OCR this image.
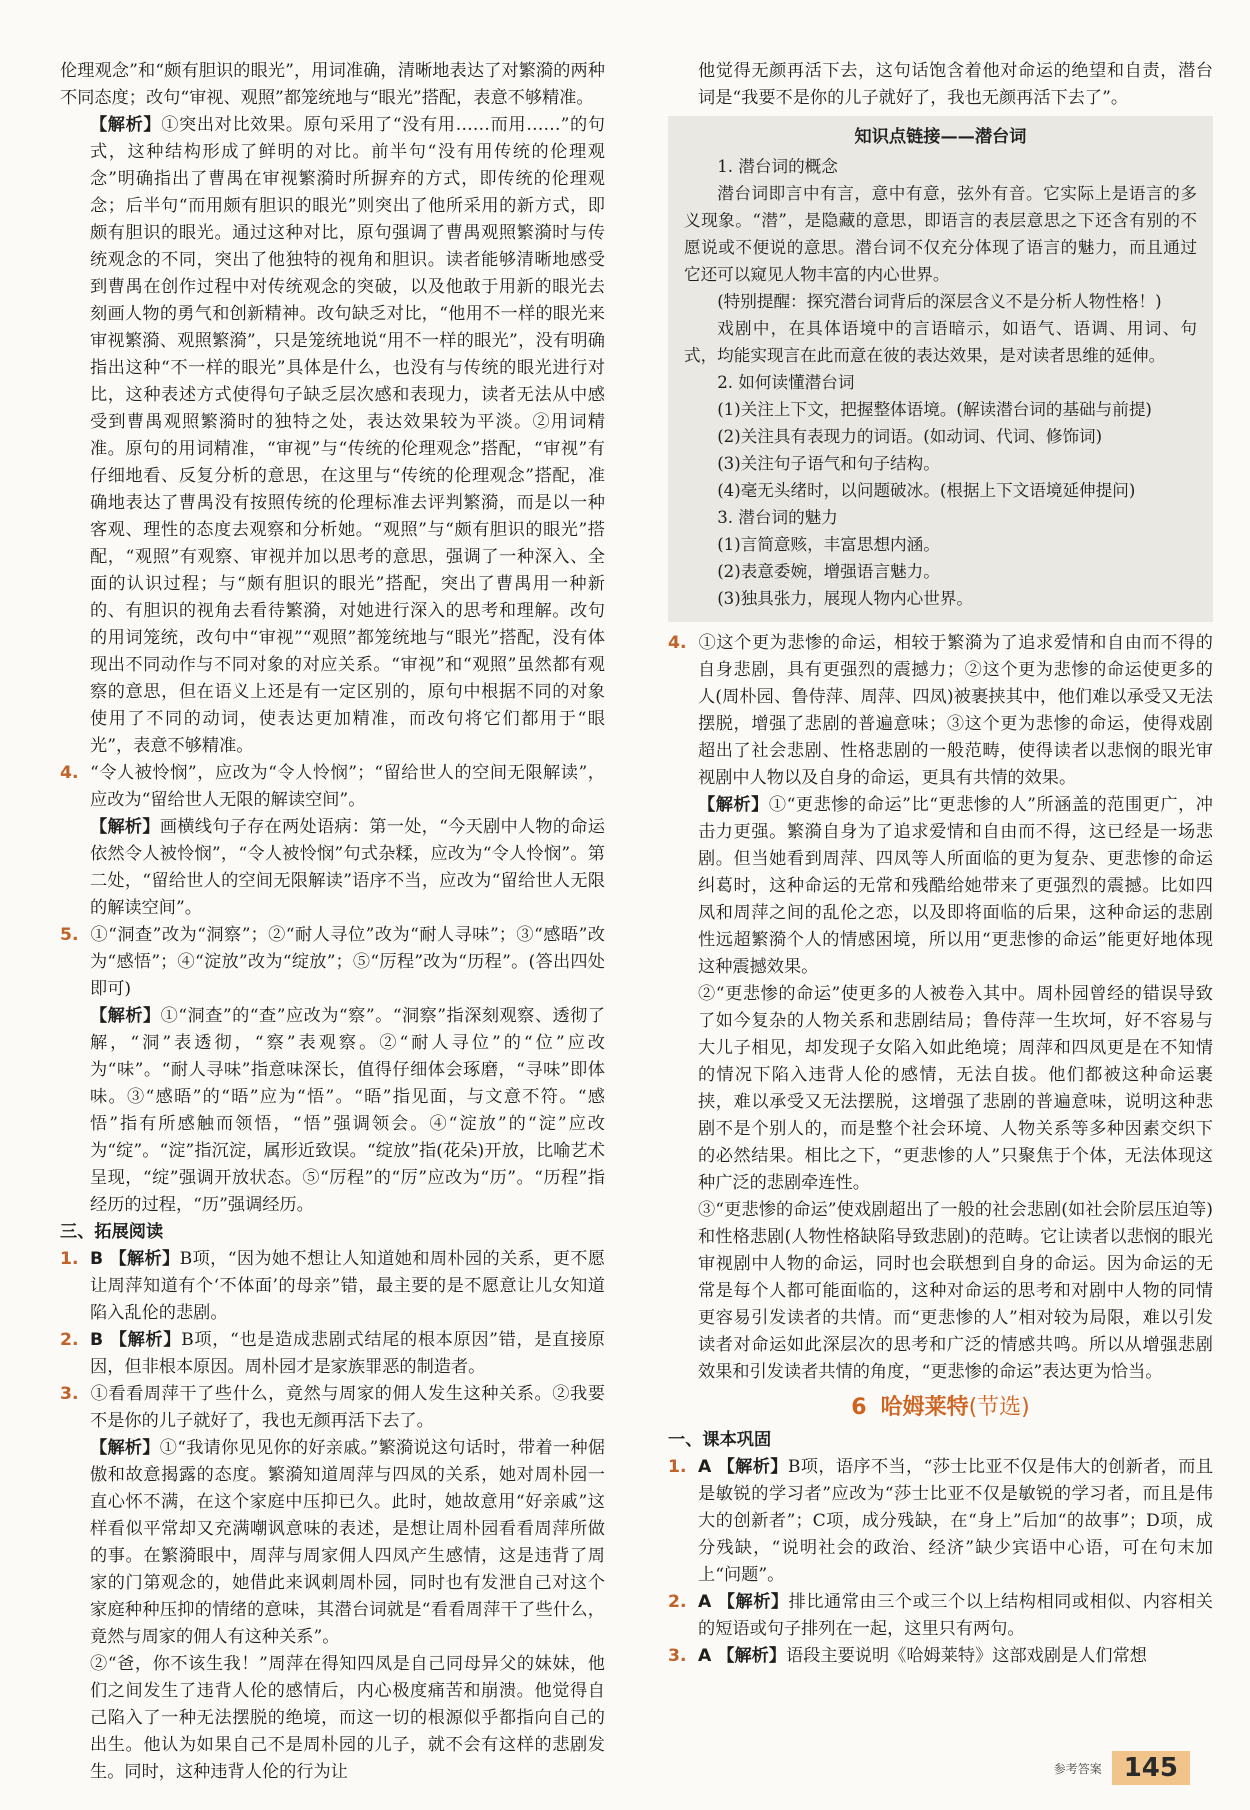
伦理观念”和“颇有胆识的眼光”，用词准确，清晰地表达了对繁漪的两种不同态度；改句“审视、观照”都笼统地与“眼光”搭配，表意不够精准。

【解析】①突出对比效果。原句采用了“没有用……而用……”的句式，这种结构形成了鲜明的对比。前半句“没有用传统的伦理观念”明确指出了曹禺在审视繁漪时所摒弃的方式，即传统的伦理观念；后半句“而用颇有胆识的眼光”则突出了他所采用的新方式，即颇有胆识的眼光。通过这种对比，原句强调了曹禺观照繁漪时与传统观念的不同，突出了他独特的视角和胆识。读者能够清晰地感受到曹禺在创作过程中对传统观念的突破，以及他敢于用新的眼光去刻画人物的勇气和创新精神。改句缺乏对比，“他用不一样的眼光来审视繁漪、观照繁漪”，只是笼统地说“用不一样的眼光”，没有明确指出这种“不一样的眼光”具体是什么，也没有与传统的眼光进行对比，这种表述方式使得句子缺乏层次感和表现力，读者无法从中感受到曹禺观照繁漪时的独特之处，表达效果较为平淡。②用词精准。原句的用词精准，“审视”与“传统的伦理观念”搭配，“审视”有仔细地看、反复分析的意思，在这里与“传统的伦理观念”搭配，准确地表达了曹禺没有按照传统的伦理标准去评判繁漪，而是以一种客观、理性的态度去观察和分析她。“观照”与“颇有胆识的眼光”搭配，“观照”有观察、审视并加以思考的意思，强调了一种深入、全面的认识过程；与“颇有胆识的眼光”搭配，突出了曹禺用一种新的、有胆识的视角去看待繁漪，对她进行深入的思考和理解。改句的用词笼统，改句中“审视”“观照”都笼统地与“眼光”搭配，没有体现出不同动作与不同对象的对应关系。“审视”和“观照”虽然都有观察的意思，但在语义上还是有一定区别的，原句中根据不同的对象使用了不同的动词，使表达更加精准，而改句将它们都用于“眼光”，表意不够精准。

4. “令人被怜悯”，应改为“令人怜悯”；“留给世人的空间无限解读”，应改为“留给世人无限的解读空间”。

【解析】画横线句子存在两处语病：第一处，“今天剧中人物的命运依然令人被怜悯”，“令人被怜悯”句式杂糅，应改为“令人怜悯”。第二处，“留给世人的空间无限解读”语序不当，应改为“留给世人无限的解读空间”。

5. ①“洞查”改为“洞察”；②“耐人寻位”改为“耐人寻味”；③“感晤”改为“感悟”；④“淀放”改为“绽放”；⑤“厉程”改为“历程”。(答出四处即可)

【解析】①“洞查”的“查”应改为“察”。“洞察”指深刻观察、透彻了解，“洞”表透彻，“察”表观察。②“耐人寻位”的“位”应改为“味”。“耐人寻味”指意味深长，值得仔细体会琢磨，“寻味”即体味。③“感晤”的“晤”应为“悟”。“晤”指见面，与文意不符。“感悟”指有所感触而领悟，“悟”强调领会。④“淀放”的“淀”应改为“绽”。“淀”指沉淀，属形近致误。“绽放”指(花朵)开放，比喻艺术呈现，“绽”强调开放状态。⑤“厉程”的“厉”应改为“历”。“历程”指经历的过程，“历”强调经历。

三、拓展阅读

1. B 【解析】B项，“因为她不想让人知道她和周朴园的关系，更不愿让周萍知道有个‘不体面’的母亲”错，最主要的是不愿意让儿女知道陷入乱伦的悲剧。

2. B 【解析】B项，“也是造成悲剧式结尾的根本原因”错，是直接原因，但非根本原因。周朴园才是家族罪恶的制造者。

3. ①看看周萍干了些什么，竟然与周家的佣人发生这种关系。②我要不是你的儿子就好了，我也无颜再活下去了。

【解析】①“我请你见见你的好亲戚。”繁漪说这句话时，带着一种倨傲和故意揭露的态度。繁漪知道周萍与四凤的关系，她对周朴园一直心怀不满，在这个家庭中压抑已久。此时，她故意用“好亲戚”这样看似平常却又充满嘲讽意味的表述，是想让周朴园看看周萍所做的事。在繁漪眼中，周萍与周家佣人四凤产生感情，这是违背了周家的门第观念的，她借此来讽刺周朴园，同时也有发泄自己对这个家庭种种压抑的情绪的意味，其潜台词就是“看看周萍干了些什么，竟然与周家的佣人有这种关系”。

②“爸，你不该生我！”周萍在得知四凤是自己同母异父的妹妹，他们之间发生了违背人伦的感情后，内心极度痛苦和崩溃。他觉得自己陷入了一种无法摆脱的绝境，而这一切的根源似乎都指向自己的出生。他认为如果自己不是周朴园的儿子，就不会有这样的悲剧发生。同时，这种违背人伦的行为让

他觉得无颜再活下去，这句话饱含着他对命运的绝望和自责，潜台词是“我要不是你的儿子就好了，我也无颜再活下去了”。

知识点链接——潜台词

1. 潜台词的概念

潜台词即言中有言，意中有意，弦外有音。它实际上是语言的多义现象。“潜”，是隐藏的意思，即语言的表层意思之下还含有别的不愿说或不便说的意思。潜台词不仅充分体现了语言的魅力，而且通过它还可以窥见人物丰富的内心世界。

(特别提醒：探究潜台词背后的深层含义不是分析人物性格！)

戏剧中，在具体语境中的言语暗示，如语气、语调、用词、句式，均能实现言在此而意在彼的表达效果，是对读者思维的延伸。

2. 如何读懂潜台词

(1)关注上下文，把握整体语境。(解读潜台词的基础与前提)

(2)关注具有表现力的词语。(如动词、代词、修饰词)

(3)关注句子语气和句子结构。

(4)毫无头绪时，以问题破冰。(根据上下文语境延伸提问)

3. 潜台词的魅力

(1)言简意赅，丰富思想内涵。

(2)表意委婉，增强语言魅力。

(3)独具张力，展现人物内心世界。

4. ①这个更为悲惨的命运，相较于繁漪为了追求爱情和自由而不得的自身悲剧，具有更强烈的震撼力；②这个更为悲惨的命运使更多的人(周朴园、鲁侍萍、周萍、四凤)被裹挟其中，他们难以承受又无法摆脱，增强了悲剧的普遍意味；③这个更为悲惨的命运，使得戏剧超出了社会悲剧、性格悲剧的一般范畴，使得读者以悲悯的眼光审视剧中人物以及自身的命运，更具有共情的效果。

【解析】①“更悲惨的命运”比“更悲惨的人”所涵盖的范围更广，冲击力更强。繁漪自身为了追求爱情和自由而不得，这已经是一场悲剧。但当她看到周萍、四凤等人所面临的更为复杂、更悲惨的命运纠葛时，这种命运的无常和残酷给她带来了更强烈的震撼。比如四凤和周萍之间的乱伦之恋，以及即将面临的后果，这种命运的悲剧性远超繁漪个人的情感困境，所以用“更悲惨的命运”能更好地体现这种震撼效果。

②“更悲惨的命运”使更多的人被卷入其中。周朴园曾经的错误导致了如今复杂的人物关系和悲剧结局；鲁侍萍一生坎坷，好不容易与大儿子相见，却发现子女陷入如此绝境；周萍和四凤更是在不知情的情况下陷入违背人伦的感情，无法自拔。他们都被这种命运裹挟，难以承受又无法摆脱，这增强了悲剧的普遍意味，说明这种悲剧不是个别人的，而是整个社会环境、人物关系等多种因素交织下的必然结果。相比之下，“更悲惨的人”只聚焦于个体，无法体现这种广泛的悲剧牵连性。

③“更悲惨的命运”使戏剧超出了一般的社会悲剧(如社会阶层压迫等)和性格悲剧(人物性格缺陷导致悲剧)的范畴。它让读者以悲悯的眼光审视剧中人物的命运，同时也会联想到自身的命运。因为命运的无常是每个人都可能面临的，这种对命运的思考和对剧中人物的同情更容易引发读者的共情。而“更悲惨的人”相对较为局限，难以引发读者对命运如此深层次的思考和广泛的情感共鸣。所以从增强悲剧效果和引发读者共情的角度，“更悲惨的命运”表达更为恰当。

6 哈姆莱特(节选)

一、课本巩固

1. A 【解析】B项，语序不当，“莎士比亚不仅是伟大的创新者，而且是敏锐的学习者”应改为“莎士比亚不仅是敏锐的学习者，而且是伟大的创新者”；C项，成分残缺，在“身上”后加“的故事”；D项，成分残缺，“说明社会的政治、经济”缺少宾语中心语，可在句末加上“问题”。

2. A 【解析】排比通常由三个或三个以上结构相同或相似、内容相关的短语或句子排列在一起，这里只有两句。

3. A 【解析】语段主要说明《哈姆莱特》这部戏剧是人们常想

参考答案 145
